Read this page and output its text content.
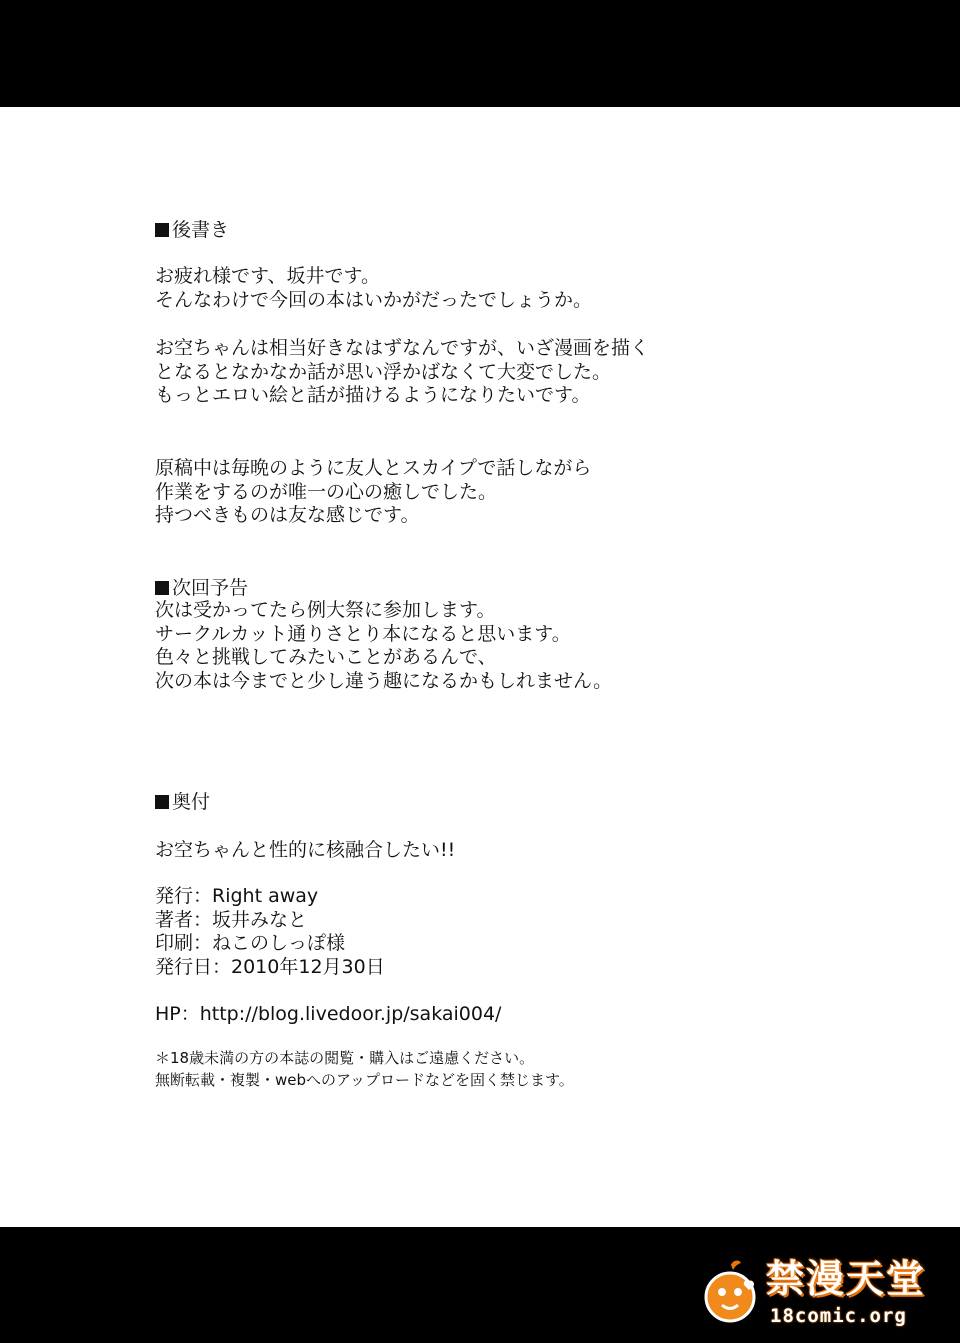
後書き
お疲れ様です、坂井です。
そんなわけで今回の本はいかがだったでしょうか。
お空ちゃんは相当好きなはずなんですが、いざ漫画を描く
となるとなかなか話が思い浮かばなくて大変でした。
もっとエロい絵と話が描けるようになりたいです。
原稿中は毎晩のように友人とスカイプで話しながら
作業をするのが唯一の心の癒しでした。
持つべきものは友な感じです。
次回予告
次は受かってたら例大祭に参加します。
サークルカット通りさとり本になると思います。
色々と挑戦してみたいことがあるんで、
次の本は今までと少し違う趣になるかもしれません。
奥付
お空ちゃんと性的に核融合したい!!
発行：Right away
著者：坂井みなと
印刷：ねこのしっぽ様
発行日：2010年12月30日
HP：http://blog.livedoor.jp/sakai004/
＊18歳未満の方の本誌の閲覧・購入はご遠慮ください。
無断転載・複製・webへのアップロードなどを固く禁じます。
禁漫天堂
18comic.org
